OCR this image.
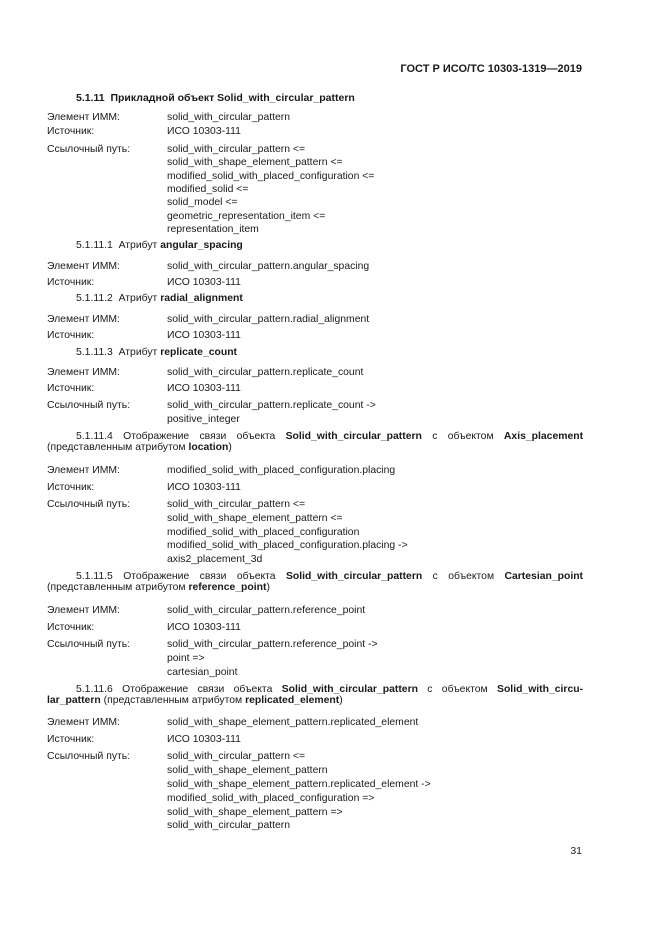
ГОСТ Р ИСО/ТС 10303-1319—2019
5.1.11 Прикладной объект Solid_with_circular_pattern
Элемент ИММ:	solid_with_circular_pattern
Источник:	ИСО 10303-111
Ссылочный путь:	solid_with_circular_pattern <=
solid_with_shape_element_pattern <=
modified_solid_with_placed_configuration <=
modified_solid <=
solid_model <=
geometric_representation_item <=
representation_item
5.1.11.1 Атрибут angular_spacing
Элемент ИММ:	solid_with_circular_pattern.angular_spacing
Источник:	ИСО 10303-111
5.1.11.2 Атрибут radial_alignment
Элемент ИММ:	solid_with_circular_pattern.radial_alignment
Источник:	ИСО 10303-111
5.1.11.3 Атрибут replicate_count
Элемент ИММ:	solid_with_circular_pattern.replicate_count
Источник:	ИСО 10303-111
Ссылочный путь:	solid_with_circular_pattern.replicate_count ->
positive_integer
5.1.11.4 Отображение связи объекта Solid_with_circular_pattern с объектом Axis_placement
(представленным атрибутом location)
Элемент ИММ:	modified_solid_with_placed_configuration.placing
Источник:	ИСО 10303-111
Ссылочный путь:	solid_with_circular_pattern <=
solid_with_shape_element_pattern <=
modified_solid_with_placed_configuration
modified_solid_with_placed_configuration.placing ->
axis2_placement_3d
5.1.11.5 Отображение связи объекта Solid_with_circular_pattern с объектом Cartesian_point
(представленным атрибутом reference_point)
Элемент ИММ:	solid_with_circular_pattern.reference_point
Источник:	ИСО 10303-111
Ссылочный путь:	solid_with_circular_pattern.reference_point ->
point =>
cartesian_point
5.1.11.6 Отображение связи объекта Solid_with_circular_pattern с объектом Solid_with_circu-
lar_pattern (представленным атрибутом replicated_element)
Элемент ИММ:	solid_with_shape_element_pattern.replicated_element
Источник:	ИСО 10303-111
Ссылочный путь:	solid_with_circular_pattern <=
solid_with_shape_element_pattern
solid_with_shape_element_pattern.replicated_element ->
modified_solid_with_placed_configuration =>
solid_with_shape_element_pattern =>
solid_with_circular_pattern
31
